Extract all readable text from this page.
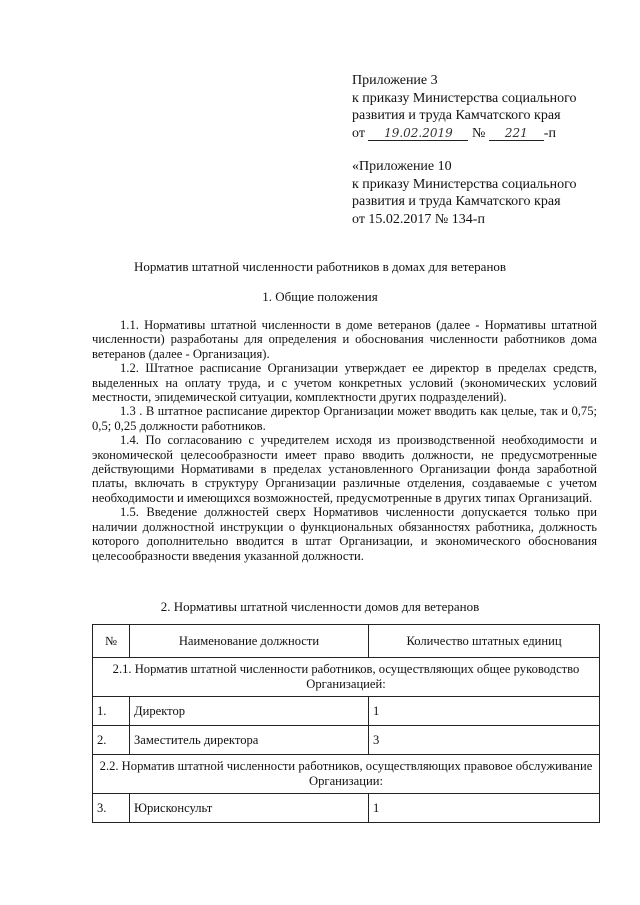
Приложение 3
к приказу Министерства социального
развития и труда Камчатского края
от 19.02.2019 № 221 -п
«Приложение 10
к приказу Министерства социального
развития и труда Камчатского края
от 15.02.2017 № 134-п
Норматив штатной численности работников в домах для ветеранов
1. Общие положения

1.1. Нормативы штатной численности в доме ветеранов (далее - Нормативы штатной численности) разработаны для определения и обоснования численности работников дома ветеранов (далее - Организация).

1.2. Штатное расписание Организации утверждает ее директор в пределах средств, выделенных на оплату труда, и с учетом конкретных условий (экономических условий местности, эпидемической ситуации, комплектности других подразделений).

1.3 . В штатное расписание директор Организации может вводить как целые, так и 0,75; 0,5; 0,25 должности работников.

1.4. По согласованию с учредителем исходя из производственной необходимости и экономической целесообразности имеет право вводить должности, не предусмотренные действующими Нормативами в пределах установленного Организации фонда заработной платы, включать в структуру Организации различные отделения, создаваемые с учетом необходимости и имеющихся возможностей, предусмотренные в других типах Организаций.

1.5. Введение должностей сверх Нормативов численности допускается только при наличии должностной инструкции о функциональных обязанностях работника, должность которого дополнительно вводится в штат Организации, и экономического обоснования целесообразности введения указанной должности.

2. Нормативы штатной численности домов для ветеранов
№	Наименование должности	Количество штатных единиц
2.1. Норматив штатной численности работников, осуществляющих общее руководство Организацией:		
1.	Директор	1
2.	Заместитель директора	3
2.2. Норматив штатной численности работников, осуществляющих правовое обслуживание Организации:		
3.	Юрисконсульт	1
